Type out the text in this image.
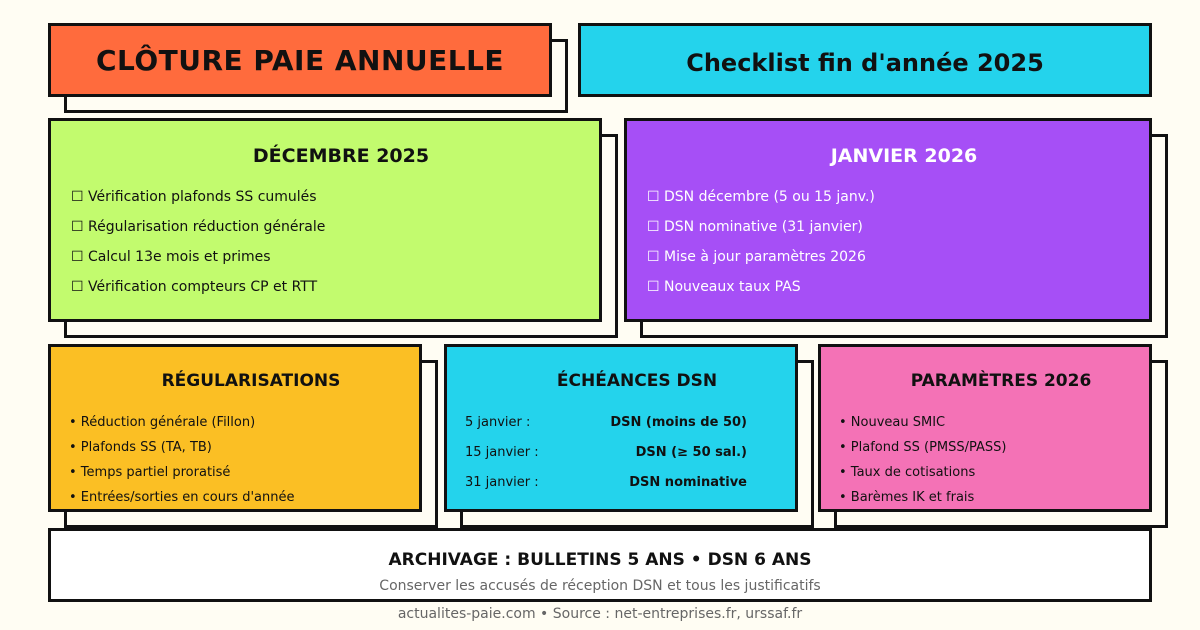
CLÔTURE PAIE ANNUELLE	Checklist fin d'année 2025
DÉCEMBRE 2025
☐ Vérification plafonds SS cumulés
☐ Régularisation réduction générale
☐ Calcul 13e mois et primes
☐ Vérification compteurs CP et RTT
JANVIER 2026
☐ DSN décembre (5 ou 15 janv.)
☐ DSN nominative (31 janvier)
☐ Mise à jour paramètres 2026
☐ Nouveaux taux PAS
RÉGULARISATIONS
• Réduction générale (Fillon)
• Plafonds SS (TA, TB)
• Temps partiel proratisé
• Entrées/sorties en cours d'année
ÉCHÉANCES DSN
5 janvier :	DSN (moins de 50)
15 janvier :	DSN (≥ 50 sal.)
31 janvier :	DSN nominative
PARAMÈTRES 2026
• Nouveau SMIC
• Plafond SS (PMSS/PASS)
• Taux de cotisations
• Barèmes IK et frais
ARCHIVAGE : BULLETINS 5 ANS • DSN 6 ANS
Conserver les accusés de réception DSN et tous les justificatifs
actualites-paie.com • Source : net-entreprises.fr, urssaf.fr
